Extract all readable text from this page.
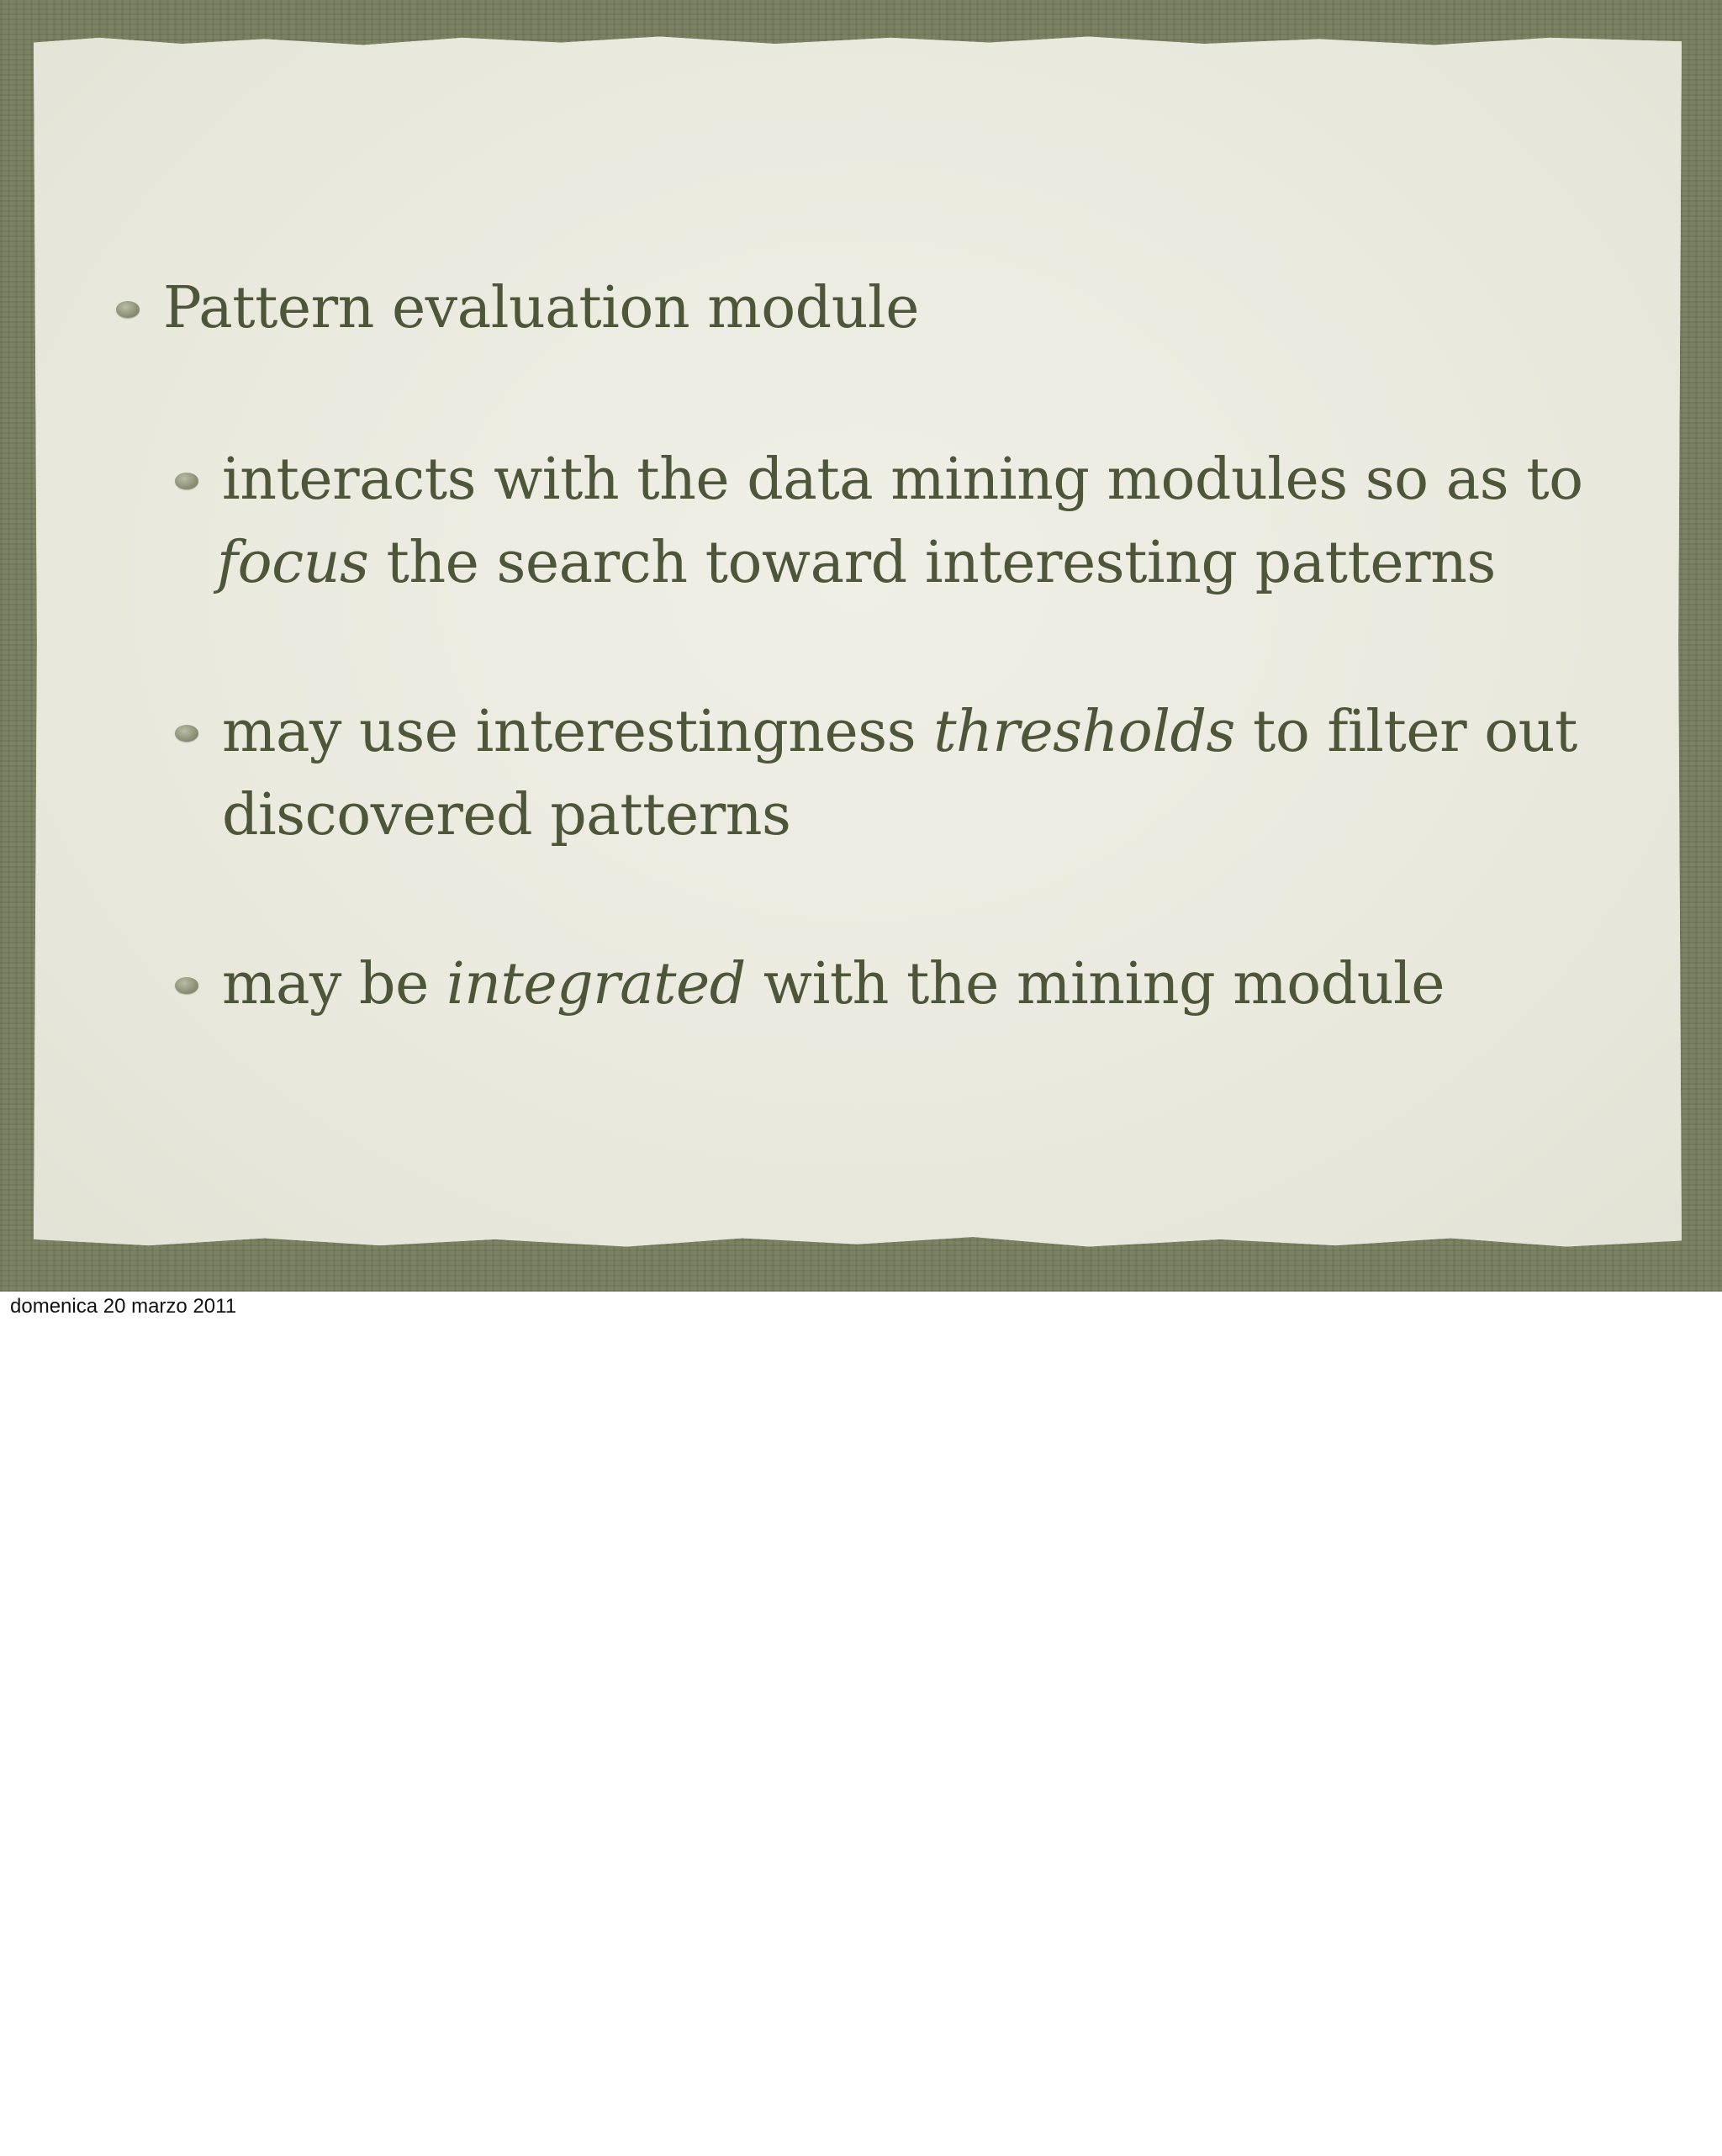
Pattern evaluation module
interacts with the data mining modules so as to
focus the search toward interesting patterns
may use interestingness thresholds to filter out
discovered patterns
may be integrated with the mining module
domenica 20 marzo 2011
